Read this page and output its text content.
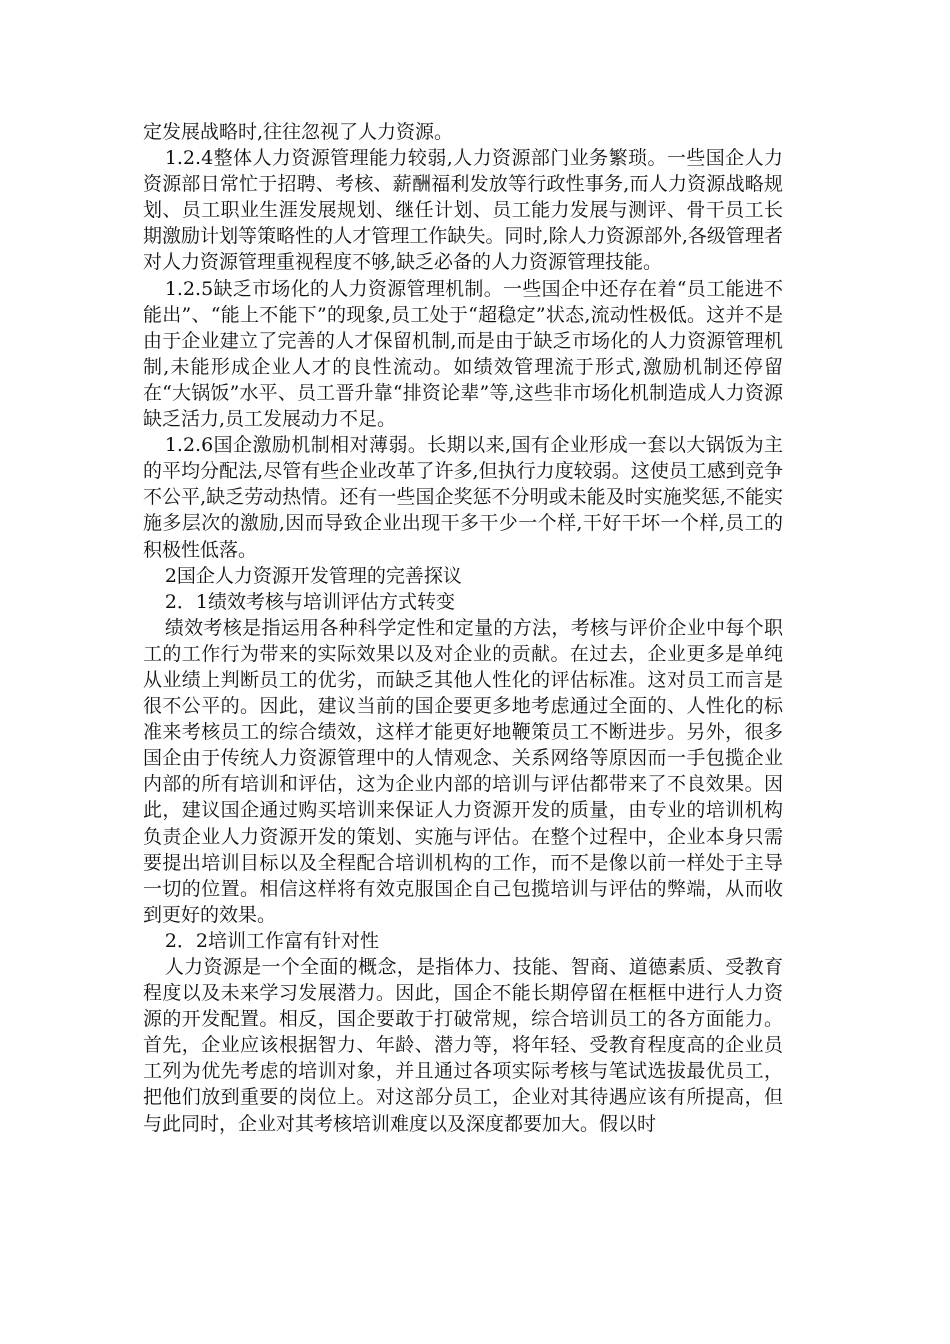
定发展战略时,往往忽视了人力资源。

1.2.4整体人力资源管理能力较弱,人力资源部门业务繁琐。一些国企人力资源部日常忙于招聘、考核、薪酬福利发放等行政性事务,而人力资源战略规划、员工职业生涯发展规划、继任计划、员工能力发展与测评、骨干员工长期激励计划等策略性的人才管理工作缺失。同时,除人力资源部外,各级管理者对人力资源管理重视程度不够,缺乏必备的人力资源管理技能。

1.2.5缺乏市场化的人力资源管理机制。一些国企中还存在着“员工能进不能出”、“能上不能下”的现象,员工处于“超稳定”状态,流动性极低。这并不是由于企业建立了完善的人才保留机制,而是由于缺乏市场化的人力资源管理机制,未能形成企业人才的良性流动。如绩效管理流于形式,激励机制还停留在“大锅饭”水平、员工晋升靠“排资论辈”等,这些非市场化机制造成人力资源缺乏活力,员工发展动力不足。

1.2.6国企激励机制相对薄弱。长期以来,国有企业形成一套以大锅饭为主的平均分配法,尽管有些企业改革了许多,但执行力度较弱。这使员工感到竞争不公平,缺乏劳动热情。还有一些国企奖惩不分明或未能及时实施奖惩,不能实施多层次的激励,因而导致企业出现干多干少一个样,干好干坏一个样,员工的积极性低落。

2国企人力资源开发管理的完善探议

2．1绩效考核与培训评估方式转变

绩效考核是指运用各种科学定性和定量的方法，考核与评价企业中每个职工的工作行为带来的实际效果以及对企业的贡献。在过去，企业更多是单纯从业绩上判断员工的优劣，而缺乏其他人性化的评估标准。这对员工而言是很不公平的。因此，建议当前的国企要更多地考虑通过全面的、人性化的标准来考核员工的综合绩效，这样才能更好地鞭策员工不断进步。另外，很多国企由于传统人力资源管理中的人情观念、关系网络等原因而一手包揽企业内部的所有培训和评估，这为企业内部的培训与评估都带来了不良效果。因此，建议国企通过购买培训来保证人力资源开发的质量，由专业的培训机构负责企业人力资源开发的策划、实施与评估。在整个过程中，企业本身只需要提出培训目标以及全程配合培训机构的工作，而不是像以前一样处于主导一切的位置。相信这样将有效克服国企自己包揽培训与评估的弊端，从而收到更好的效果。

2．2培训工作富有针对性

人力资源是一个全面的概念，是指体力、技能、智商、道德素质、受教育程度以及未来学习发展潜力。因此，国企不能长期停留在框框中进行人力资源的开发配置。相反，国企要敢于打破常规，综合培训员工的各方面能力。首先，企业应该根据智力、年龄、潜力等，将年轻、受教育程度高的企业员工列为优先考虑的培训对象，并且通过各项实际考核与笔试选拔最优员工，把他们放到重要的岗位上。对这部分员工，企业对其待遇应该有所提高，但与此同时，企业对其考核培训难度以及深度都要加大。假以时
